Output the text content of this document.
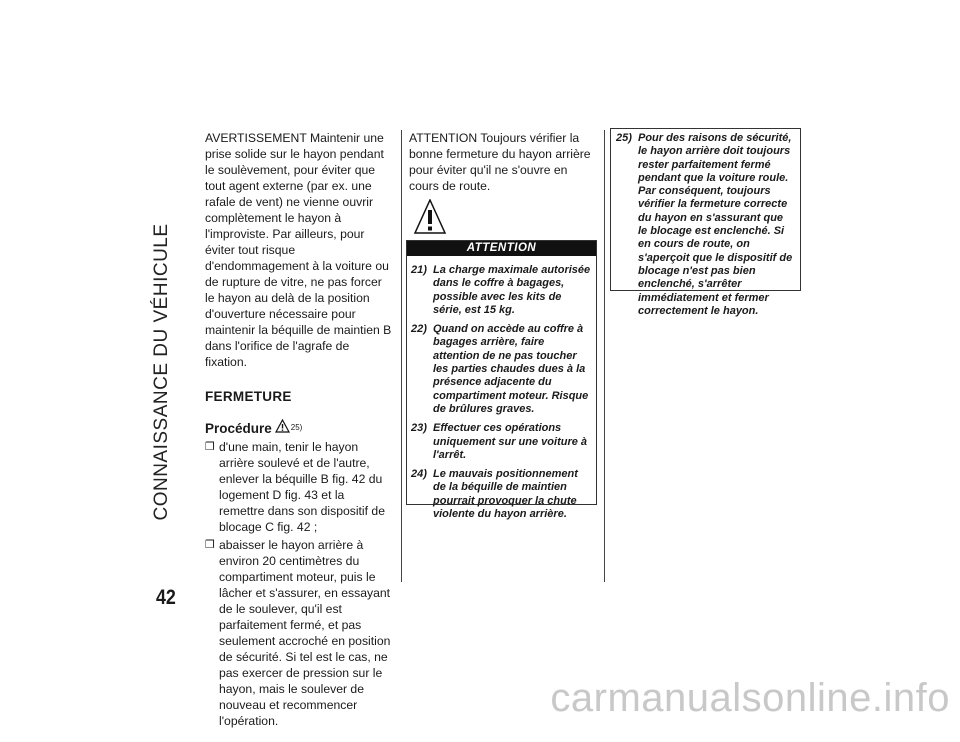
CONNAISSANCE DU VÉHICULE
42

AVERTISSEMENT Maintenir une prise solide sur le hayon pendant le soulèvement, pour éviter que tout agent externe (par ex. une rafale de vent) ne vienne ouvrir complètement le hayon à l'improviste. Par ailleurs, pour éviter tout risque d'endommagement à la voiture ou de rupture de vitre, ne pas forcer le hayon au delà de la position d'ouverture nécessaire pour maintenir la béquille de maintien B dans l'orifice de l'agrafe de fixation.

FERMETURE
Procédure 25)
❒ d'une main, tenir le hayon arrière soulevé et de l'autre, enlever la béquille B fig. 42 du logement D fig. 43 et la remettre dans son dispositif de blocage C fig. 42 ;
❒ abaisser le hayon arrière à environ 20 centimètres du compartiment moteur, puis le lâcher et s'assurer, en essayant de le soulever, qu'il est parfaitement fermé, et pas seulement accroché en position de sécurité. Si tel est le cas, ne pas exercer de pression sur le hayon, mais le soulever de nouveau et recommencer l'opération.

ATTENTION Toujours vérifier la bonne fermeture du hayon arrière pour éviter qu'il ne s'ouvre en cours de route.

ATTENTION
21) La charge maximale autorisée dans le coffre à bagages, possible avec les kits de série, est 15 kg.
22) Quand on accède au coffre à bagages arrière, faire attention de ne pas toucher les parties chaudes dues à la présence adjacente du compartiment moteur. Risque de brûlures graves.
23) Effectuer ces opérations uniquement sur une voiture à l'arrêt.
24) Le mauvais positionnement de la béquille de maintien pourrait provoquer la chute violente du hayon arrière.
25) Pour des raisons de sécurité, le hayon arrière doit toujours rester parfaitement fermé pendant que la voiture roule. Par conséquent, toujours vérifier la fermeture correcte du hayon en s'assurant que le blocage est enclenché. Si en cours de route, on s'aperçoit que le dispositif de blocage n'est pas bien enclenché, s'arrêter immédiatement et fermer correctement le hayon.
carmanualsonline.info
